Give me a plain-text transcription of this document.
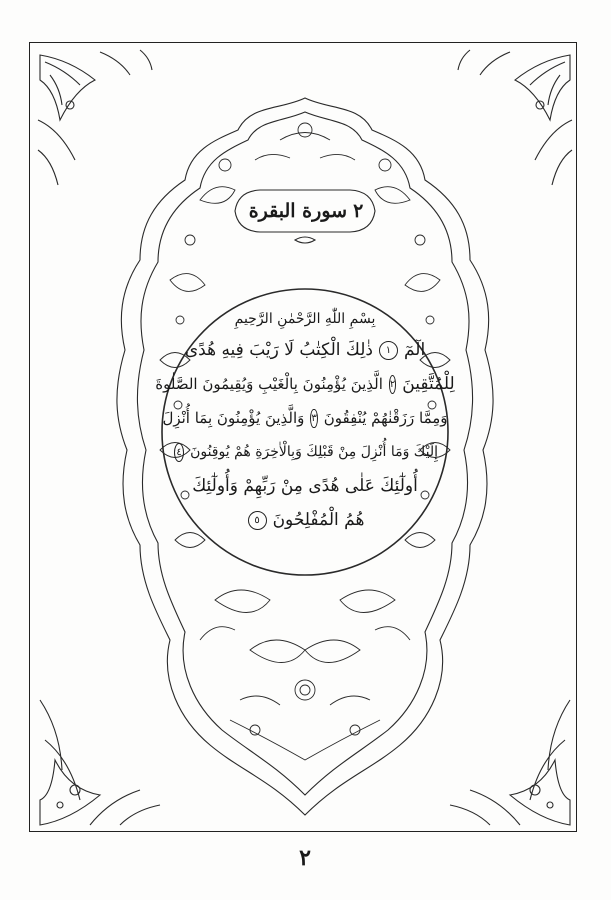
٢
سورة البقرة
بِسْمِ اللّٰهِ الرَّحْمٰنِ الرَّحِيمِ
الٓمٓ
١
ذٰلِكَ الْكِتٰبُ لَا رَيْبَ فِيهِ هُدًى
لِلْمُتَّقِينَ
٢
الَّذِينَ يُؤْمِنُونَ بِالْغَيْبِ وَيُقِيمُونَ الصَّلٰوةَ
وَمِمَّا رَزَقْنٰهُمْ يُنْفِقُونَ
٣
وَالَّذِينَ يُؤْمِنُونَ بِمَا أُنْزِلَ
إِلَيْكَ وَمَا أُنْزِلَ مِنْ قَبْلِكَ وَبِالْاٰخِرَةِ هُمْ يُوقِنُونَ
٤
أُولٰٓئِكَ عَلٰى هُدًى مِنْ رَبِّهِمْ وَأُولٰٓئِكَ
هُمُ الْمُفْلِحُونَ
٥
٢
